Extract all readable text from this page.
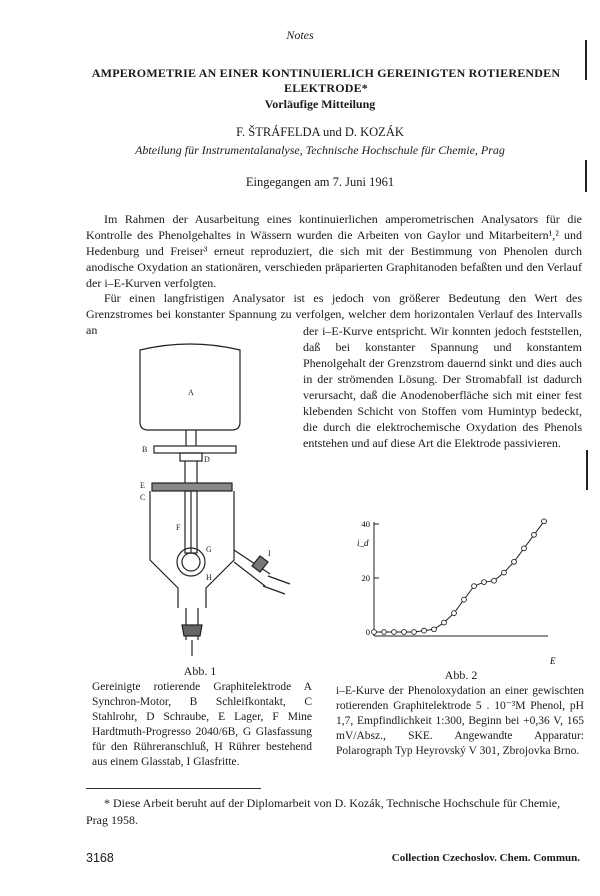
Notes
AMPEROMETRIE AN EINER KONTINUIERLICH GEREINIGTEN ROTIERENDEN ELEKTRODE*
Vorläufige Mitteilung
F. ŠTRÁFELDA und D. KOZÁK
Abteilung für Instrumentalanalyse, Technische Hochschule für Chemie, Prag
Eingegangen am 7. Juni 1961
Im Rahmen der Ausarbeitung eines kontinuierlichen amperometrischen Analysators für die Kontrolle des Phenolgehaltes in Wässern wurden die Arbeiten von Gaylor und Mitarbeitern¹,² und Hedenburg und Freiser³ erneut reproduziert, die sich mit der Bestimmung von Phenolen durch anodische Oxydation an stationären, verschieden präparierten Graphitanoden befaßten und den Verlauf der i–E-Kurven verfolgten.
Für einen langfristigen Analysator ist es jedoch von größerer Bedeutung den Wert des Grenzstromes bei konstanter Spannung zu verfolgen, welcher dem horizontalen Verlauf des Intervalls an	der i–E-Kurve entspricht. Wir konnten jedoch feststellen, daß bei konstanter Spannung und konstantem Phenolgehalt der Grenzstrom dauernd sinkt und dies auch in der strömenden Lösung. Der Stromabfall ist dadurch verursacht, daß die Anodenoberfläche sich mit einer fest klebenden Schicht von Stoffen vom Humintyp bedeckt, die durch die elektrochemische Oxydation des Phenols entstehen und auf diese Art die Elektrode passivieren.
A
B
C
D
E
F
G
H
I
Abb. 1
Gereinigte rotierende Graphitelektrode A Synchron-Motor, B Schleifkontakt, C Stahlrohr, D Schraube, E Lager, F Mine Hardtmuth-Progresso 2040/6B, G Glasfassung für den Rühreranschluß, H Rührer bestehend aus einem Glasstab, I Glasfritte.
i_d
E
0
20
40
Abb. 2
i–E-Kurve der Phenoloxydation an einer gewischten rotierenden Graphitelektrode 5 . 10⁻³M Phenol, pH 1,7, Empfindlichkeit 1:300, Beginn bei +0,36 V, 165 mV/Absz., SKE. Angewandte Apparatur: Polarograph Typ Heyrovský V 301, Zbrojovka Brno.
* Diese Arbeit beruht auf der Diplomarbeit von D. Kozák, Technische Hochschule für Chemie, Prag 1958.
3168	Collection Czechoslov. Chem. Commun.
